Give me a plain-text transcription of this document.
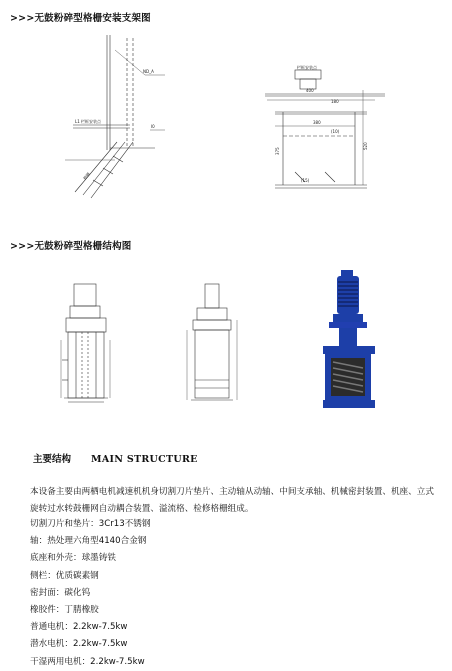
>>>无鼓粉碎型格栅安装支架图
ND_A
L1 栏框安装点
I0
格栅
栏框安装点
400
180
380
(10)
(15)
375
520
>>>无鼓粉碎型格栅结构图
主要结构 MAIN STRUCTURE
本设备主要由两栖电机减速机机身切割刀片垫片、主动轴从动轴、中间支承轴、机械密封装置、机座、立式旋转过水转鼓栅网自动耦合装置、溢流格、检修格栅组成。
切割刀片和垫片：3Cr13不锈钢
轴：热处理六角型4140合金钢
底座和外壳：球墨铸铁
侧栏：优质碳素钢
密封面：碳化钨
橡胶件：丁腈橡胶
普通电机：2.2kw-7.5kw
潜水电机：2.2kw-7.5kw
干湿两用电机：2.2kw-7.5kw
